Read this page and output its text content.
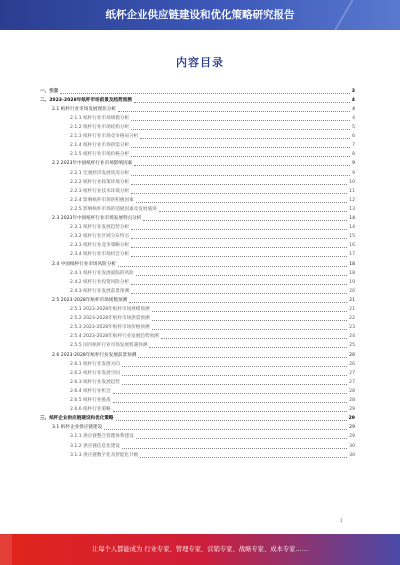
纸杯企业供应链建设和优化策略研究报告
内容目录
一、引言	3
二、2023-2028年纸杯市场前景及趋势预测	4
2.1 纸杯行业市场发展现状分析	4
2.1.1 纸杯行业市场规模分析	4
2.1.2 纸杯行业市场结构分析	5
2.1.3 纸杯行业市场竞争格局分析	6
2.1.4 纸杯行业市场供需分析	7
2.1.5 纸杯行业市场价格分析	8
2.2 2023年中国纸杯行业市场影响因素	9
2.2.1 宏观经济发展状况分析	9
2.2.2 纸杯行业政策环境分析	10
2.2.3 纸杯行业技术环境分析	11
2.2.4 影响纸杯市场的积极因素	12
2.2.5 影响纸杯市场的消极因素及发展瓶颈	13
2.3 2023年中国纸杯行业市场发展特点分析	14
2.3.1 纸杯行业发展趋势分析	14
2.3.2 纸杯行业区域分布特点	15
2.3.3 纸杯行业竞争策略分析	16
2.3.4 纸杯行业市场机会分析	17
2.4 中国纸杯行业市场风险分析	18
2.4.1 纸杯行业发展面临的风险	18
2.4.2 纸杯行业投资风险分析	19
2.4.3 纸杯行业发展前景预测	20
2.5 2023-2028年纸杯市场规模预测	21
2.5.1 2023-2028年纸杯市场规模预测	21
2.5.2 2023-2028年纸杯市场供需预测	22
2.5.3 2023-2028年纸杯市场价格预测	23
2.5.4 2023-2028年纸杯行业发展趋势预测	24
2.5.5 国内纸杯行业市场发展机遇预测	25
2.6 2023-2028年纸杯行业发展前景预测	26
2.6.1 纸杯行业发展方向	26
2.6.2 纸杯行业发展空间	27
2.6.3 纸杯行业发展趋势	27
2.6.4 纸杯行业机会	28
2.6.5 纸杯行业挑战	28
2.6.6 纸杯行业策略	29
三、纸杯企业供应链建设和优化策略	29
3.1 纸杯企业供应链建设	29
3.1.1 供应链整合管理体系建设	29
3.1.2 供应链信息化建设	30
3.1.3 供应链数字化及智能化升级	30
1
让每个人都能成为 行业专家、管理专家、营销专家、战略专家、成本专家……
